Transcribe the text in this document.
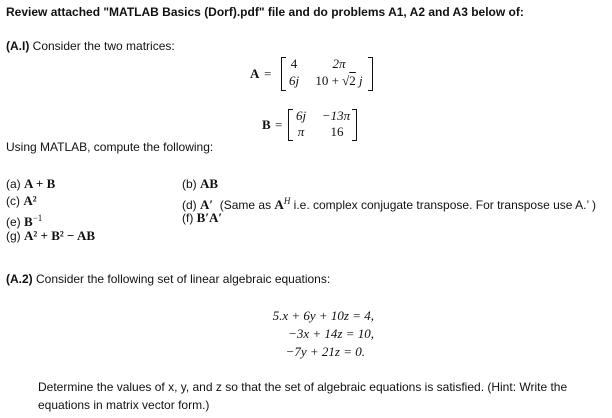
Review attached "MATLAB Basics (Dorf).pdf" file and do problems A1, A2 and A3 below of:
(A.I) Consider the two matrices:
A =
4	2π
6j	10 + √2 j
B =
6j	−13π
π	16
Using MATLAB, compute the following:
(a) A + B
(c) A²
(e) $B^{-1}$
(g) A² + B² − AB
(b) AB
(d) A′ (Same as $A^H$ i.e. complex conjugate transpose. For transpose use A.’ )
(f) B′A′
(A.2) Consider the following set of linear algebraic equations:
5.x + 6y + 10z = 4,
−3x + 14z = 10,
−7y + 21z = 0.
Determine the values of x, y, and z so that the set of algebraic equations is satisfied. (Hint: Write the
equations in matrix vector form.)
